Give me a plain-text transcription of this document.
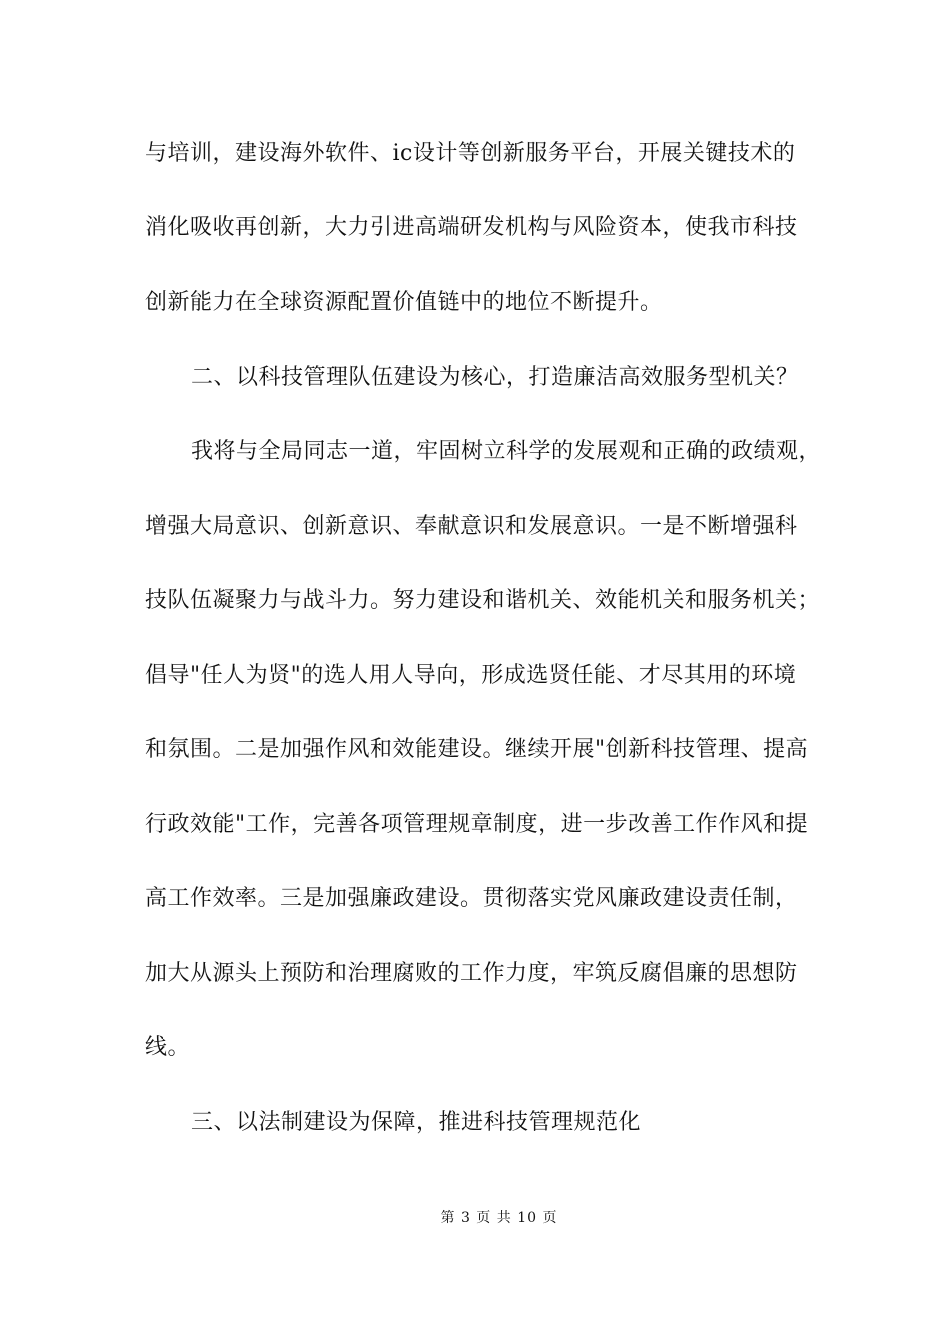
与培训，建设海外软件、ic设计等创新服务平台，开展关键技术的
消化吸收再创新，大力引进高端研发机构与风险资本，使我市科技
创新能力在全球资源配置价值链中的地位不断提升。
二、以科技管理队伍建设为核心，打造廉洁高效服务型机关？
我将与全局同志一道，牢固树立科学的发展观和正确的政绩观，
增强大局意识、创新意识、奉献意识和发展意识。一是不断增强科
技队伍凝聚力与战斗力。努力建设和谐机关、效能机关和服务机关；
倡导"任人为贤"的选人用人导向，形成选贤任能、才尽其用的环境
和氛围。二是加强作风和效能建设。继续开展"创新科技管理、提高
行政效能"工作，完善各项管理规章制度，进一步改善工作作风和提
高工作效率。三是加强廉政建设。贯彻落实党风廉政建设责任制，
加大从源头上预防和治理腐败的工作力度，牢筑反腐倡廉的思想防
线。
三、以法制建设为保障，推进科技管理规范化
第 3 页 共 10 页
